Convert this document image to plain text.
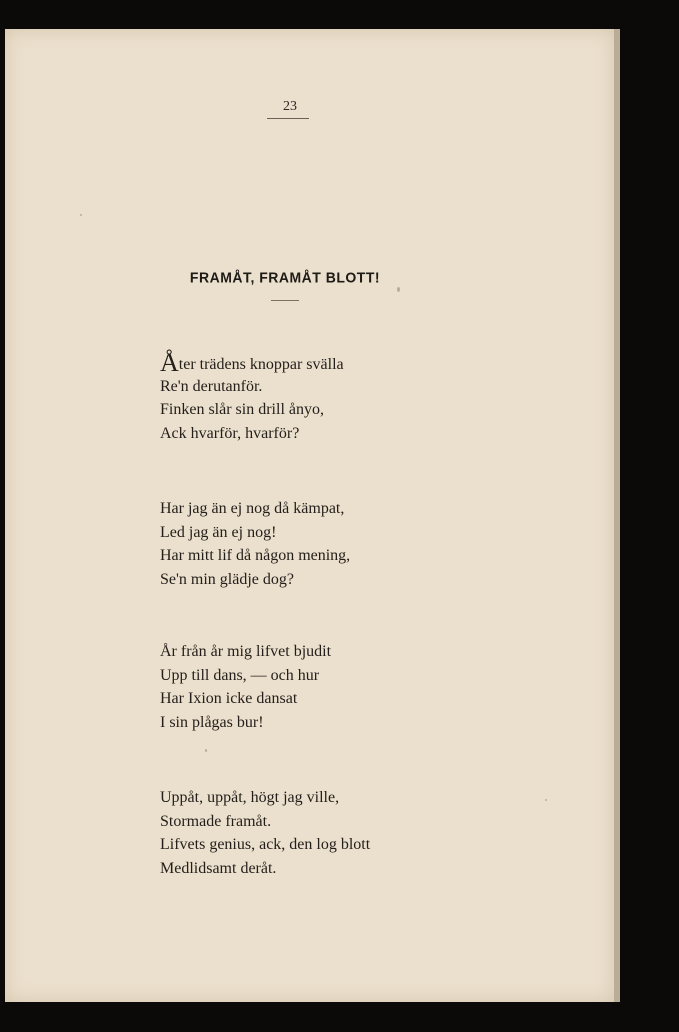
23
FRAMÅT, FRAMÅT BLOTT!
Åter trädens knoppar svälla
Re'n derutanför.
Finken slår sin drill ånyo,
Ack hvarför, hvarför?
Har jag än ej nog då kämpat,
Led jag än ej nog!
Har mitt lif då någon mening,
Se'n min glädje dog?
År från år mig lifvet bjudit
Upp till dans, — och hur
Har Ixion icke dansat
I sin plågas bur!
Uppåt, uppåt, högt jag ville,
Stormade framåt.
Lifvets genius, ack, den log blott
Medlidsamt deråt.
